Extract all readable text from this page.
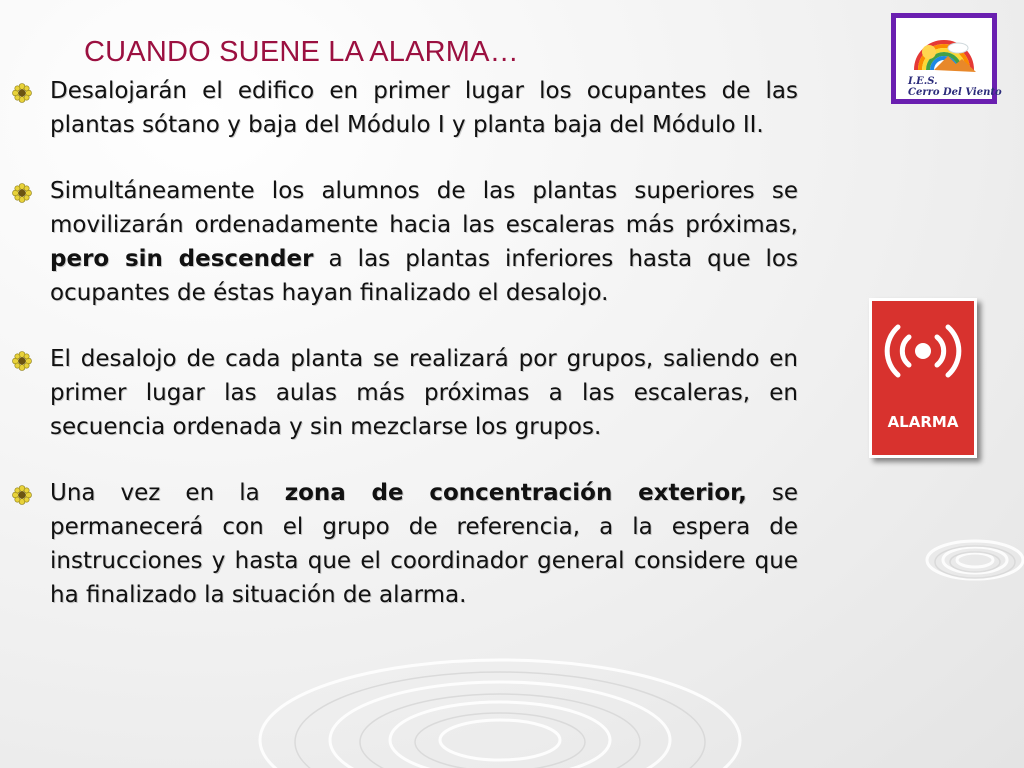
CUANDO SUENE LA ALARMA…
Desalojarán el edifico en primer lugar los ocupantes de las plantas sótano y baja del Módulo I y planta baja del Módulo II.
Simultáneamente los alumnos de las plantas superiores se movilizarán ordenadamente hacia las escaleras más próximas, pero sin descender a las plantas inferiores hasta que los ocupantes de éstas hayan finalizado el desalojo.
El desalojo de cada planta se realizará por grupos, saliendo en primer lugar las aulas más próximas a las escaleras, en secuencia ordenada y sin mezclarse los grupos.
Una vez en la zona de concentración exterior, se permanecerá con el grupo de referencia, a la espera de instrucciones y hasta que el coordinador general considere que ha finalizado la situación de alarma.
I.E.S.
Cerro Del Viento
ALARMA
